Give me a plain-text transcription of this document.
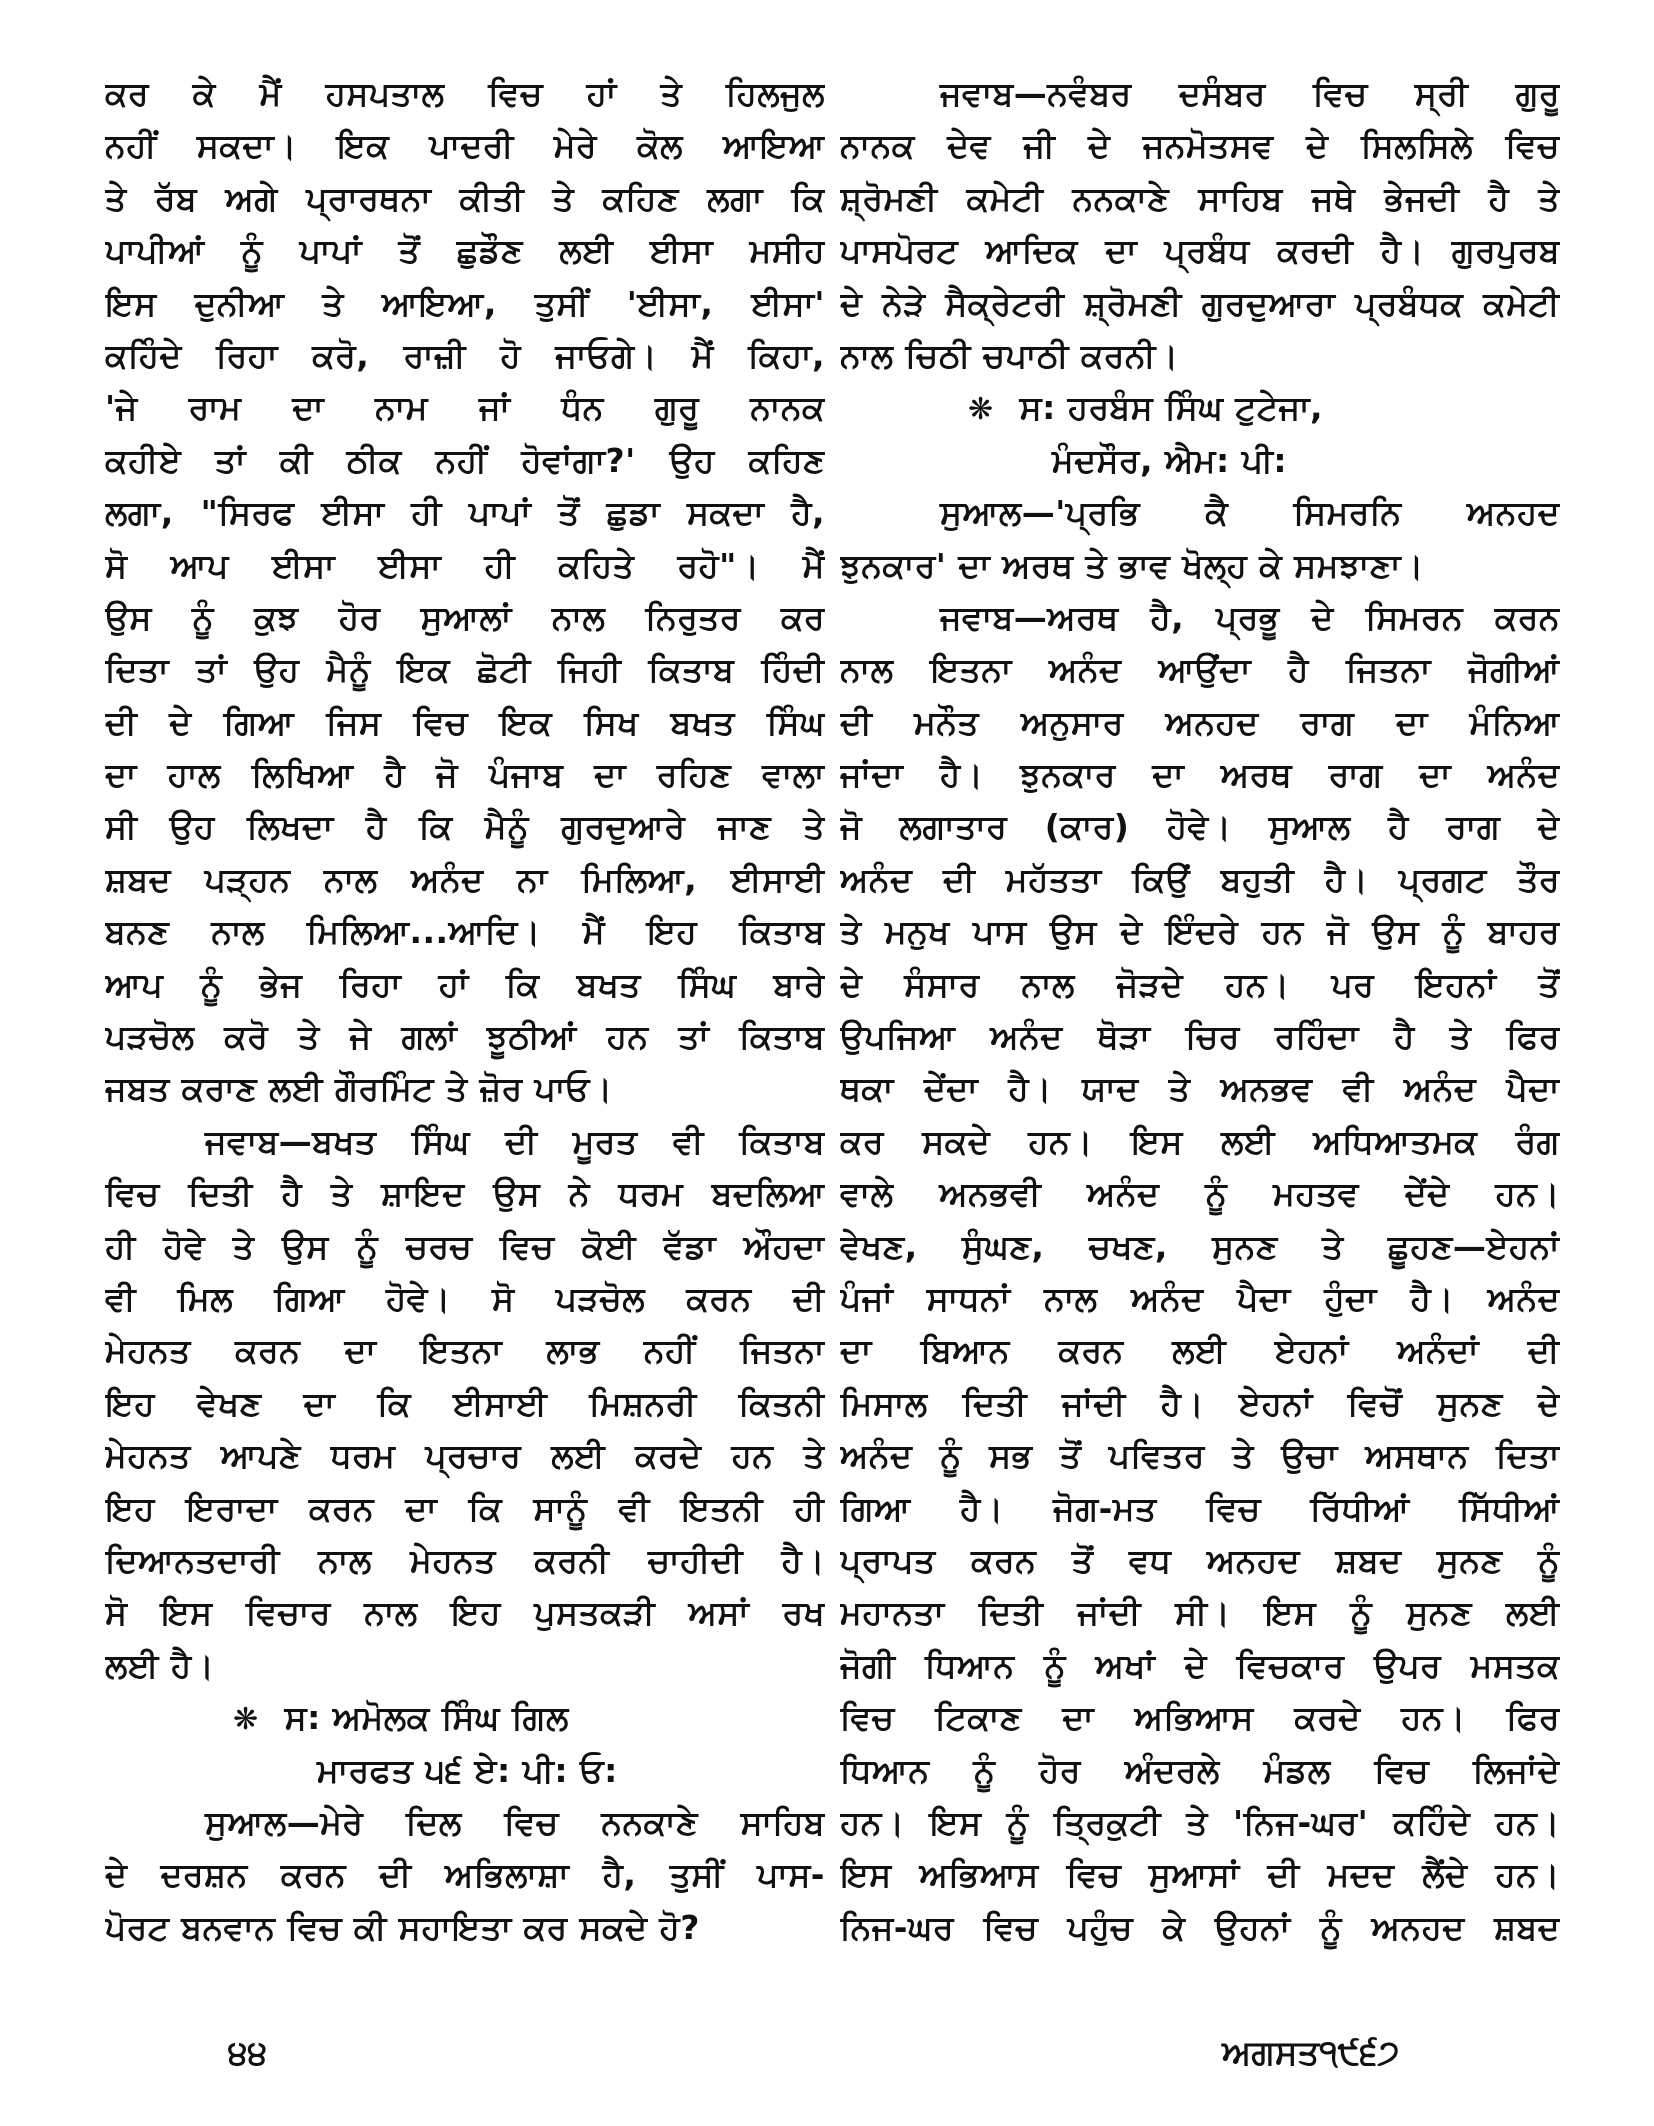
ਕਰ ਕੇ ਮੈਂ ਹਸਪਤਾਲ ਵਿਚ ਹਾਂ ਤੇ ਹਿਲਜੁਲ
ਨਹੀਂ ਸਕਦਾ। ਇਕ ਪਾਦਰੀ ਮੇਰੇ ਕੋਲ ਆਇਆ
ਤੇ ਰੱਬ ਅਗੇ ਪ੍ਰਾਰਥਨਾ ਕੀਤੀ ਤੇ ਕਹਿਣ ਲਗਾ ਕਿ
ਪਾਪੀਆਂ ਨੂੰ ਪਾਪਾਂ ਤੋਂ ਛੁਡੌਣ ਲਈ ਈਸਾ ਮਸੀਹ
ਇਸ ਦੁਨੀਆ ਤੇ ਆਇਆ, ਤੁਸੀਂ 'ਈਸਾ, ਈਸਾ'
ਕਹਿੰਦੇ ਰਿਹਾ ਕਰੋ, ਰਾਜ਼ੀ ਹੋ ਜਾਓਗੇ। ਮੈਂ ਕਿਹਾ,
'ਜੇ ਰਾਮ ਦਾ ਨਾਮ ਜਾਂ ਧੰਨ ਗੁਰੂ ਨਾਨਕ
ਕਹੀਏ ਤਾਂ ਕੀ ਠੀਕ ਨਹੀਂ ਹੋਵਾਂਗਾ?' ਉਹ ਕਹਿਣ
ਲਗਾ, "ਸਿਰਫ ਈਸਾ ਹੀ ਪਾਪਾਂ ਤੋਂ ਛੁਡਾ ਸਕਦਾ ਹੈ,
ਸੋ ਆਪ ਈਸਾ ਈਸਾ ਹੀ ਕਹਿਤੇ ਰਹੋ"। ਮੈਂ
ਉਸ ਨੂੰ ਕੁਝ ਹੋਰ ਸੁਆਲਾਂ ਨਾਲ ਨਿਰੁਤਰ ਕਰ
ਦਿਤਾ ਤਾਂ ਉਹ ਮੈਨੂੰ ਇਕ ਛੋਟੀ ਜਿਹੀ ਕਿਤਾਬ ਹਿੰਦੀ
ਦੀ ਦੇ ਗਿਆ ਜਿਸ ਵਿਚ ਇਕ ਸਿਖ ਬਖਤ ਸਿੰਘ
ਦਾ ਹਾਲ ਲਿਖਿਆ ਹੈ ਜੋ ਪੰਜਾਬ ਦਾ ਰਹਿਣ ਵਾਲਾ
ਸੀ ਉਹ ਲਿਖਦਾ ਹੈ ਕਿ ਮੈਨੂੰ ਗੁਰਦੁਆਰੇ ਜਾਣ ਤੇ
ਸ਼ਬਦ ਪੜ੍ਹਨ ਨਾਲ ਅਨੰਦ ਨਾ ਮਿਲਿਆ, ਈਸਾਈ
ਬਨਣ ਨਾਲ ਮਿਲਿਆ...ਆਦਿ। ਮੈਂ ਇਹ ਕਿਤਾਬ
ਆਪ ਨੂੰ ਭੇਜ ਰਿਹਾ ਹਾਂ ਕਿ ਬਖਤ ਸਿੰਘ ਬਾਰੇ
ਪੜਚੋਲ ਕਰੋ ਤੇ ਜੇ ਗਲਾਂ ਝੂਠੀਆਂ ਹਨ ਤਾਂ ਕਿਤਾਬ
ਜਬਤ ਕਰਾਣ ਲਈ ਗੌਰਮਿੰਟ ਤੇ ਜ਼ੋਰ ਪਾਓ।
ਜਵਾਬ—ਬਖਤ ਸਿੰਘ ਦੀ ਮੂਰਤ ਵੀ ਕਿਤਾਬ
ਵਿਚ ਦਿਤੀ ਹੈ ਤੇ ਸ਼ਾਇਦ ਉਸ ਨੇ ਧਰਮ ਬਦਲਿਆ
ਹੀ ਹੋਵੇ ਤੇ ਉਸ ਨੂੰ ਚਰਚ ਵਿਚ ਕੋਈ ਵੱਡਾ ਔਹਦਾ
ਵੀ ਮਿਲ ਗਿਆ ਹੋਵੇ। ਸੋ ਪੜਚੋਲ ਕਰਨ ਦੀ
ਮੇਹਨਤ ਕਰਨ ਦਾ ਇਤਨਾ ਲਾਭ ਨਹੀਂ ਜਿਤਨਾ
ਇਹ ਵੇਖਣ ਦਾ ਕਿ ਈਸਾਈ ਮਿਸ਼ਨਰੀ ਕਿਤਨੀ
ਮੇਹਨਤ ਆਪਣੇ ਧਰਮ ਪ੍ਰਚਾਰ ਲਈ ਕਰਦੇ ਹਨ ਤੇ
ਇਹ ਇਰਾਦਾ ਕਰਨ ਦਾ ਕਿ ਸਾਨੂੰ ਵੀ ਇਤਨੀ ਹੀ
ਦਿਆਨਤਦਾਰੀ ਨਾਲ ਮੇਹਨਤ ਕਰਨੀ ਚਾਹੀਦੀ ਹੈ।
ਸੋ ਇਸ ਵਿਚਾਰ ਨਾਲ ਇਹ ਪੁਸਤਕੜੀ ਅਸਾਂ ਰਖ
ਲਈ ਹੈ।
❋ ਸ: ਅਮੋਲਕ ਸਿੰਘ ਗਿਲ
ਮਾਰਫਤ ੫੬ ਏ: ਪੀ: ਓ:
ਸੁਆਲ—ਮੇਰੇ ਦਿਲ ਵਿਚ ਨਨਕਾਣੇ ਸਾਹਿਬ
ਦੇ ਦਰਸ਼ਨ ਕਰਨ ਦੀ ਅਭਿਲਾਸ਼ਾ ਹੈ, ਤੁਸੀਂ ਪਾਸ-
ਪੋਰਟ ਬਨਵਾਨ ਵਿਚ ਕੀ ਸਹਾਇਤਾ ਕਰ ਸਕਦੇ ਹੋ?
ਜਵਾਬ—ਨਵੰਬਰ ਦਸੰਬਰ ਵਿਚ ਸ੍ਰੀ ਗੁਰੂ
ਨਾਨਕ ਦੇਵ ਜੀ ਦੇ ਜਨਮੋਤਸਵ ਦੇ ਸਿਲਸਿਲੇ ਵਿਚ
ਸ਼੍ਰੋਮਣੀ ਕਮੇਟੀ ਨਨਕਾਣੇ ਸਾਹਿਬ ਜਥੇ ਭੇਜਦੀ ਹੈ ਤੇ
ਪਾਸਪੋਰਟ ਆਦਿਕ ਦਾ ਪ੍ਰਬੰਧ ਕਰਦੀ ਹੈ। ਗੁਰਪੁਰਬ
ਦੇ ਨੇੜੇ ਸੈਕ੍ਰੇਟਰੀ ਸ਼੍ਰੋਮਣੀ ਗੁਰਦੁਆਰਾ ਪ੍ਰਬੰਧਕ ਕਮੇਟੀ
ਨਾਲ ਚਿਠੀ ਚਪਾਠੀ ਕਰਨੀ।
❋ ਸ: ਹਰਬੰਸ ਸਿੰਘ ਟੁਟੇਜਾ,
ਮੰਦਸੌਰ, ਐਮ: ਪੀ:
ਸੁਆਲ—'ਪ੍ਰਭਿ ਕੈ ਸਿਮਰਨਿ ਅਨਹਦ
ਝੁਨਕਾਰ' ਦਾ ਅਰਥ ਤੇ ਭਾਵ ਖੋਲ੍ਹ ਕੇ ਸਮਝਾਣਾ।
ਜਵਾਬ—ਅਰਥ ਹੈ, ਪ੍ਰਭੂ ਦੇ ਸਿਮਰਨ ਕਰਨ
ਨਾਲ ਇਤਨਾ ਅਨੰਦ ਆਉਂਦਾ ਹੈ ਜਿਤਨਾ ਜੋਗੀਆਂ
ਦੀ ਮਨੌਤ ਅਨੁਸਾਰ ਅਨਹਦ ਰਾਗ ਦਾ ਮੰਨਿਆ
ਜਾਂਦਾ ਹੈ। ਝੁਨਕਾਰ ਦਾ ਅਰਥ ਰਾਗ ਦਾ ਅਨੰਦ
ਜੋ ਲਗਾਤਾਰ (ਕਾਰ) ਹੋਵੇ। ਸੁਆਲ ਹੈ ਰਾਗ ਦੇ
ਅਨੰਦ ਦੀ ਮਹੱਤਤਾ ਕਿਉਂ ਬਹੁਤੀ ਹੈ। ਪ੍ਰਗਟ ਤੌਰ
ਤੇ ਮਨੁਖ ਪਾਸ ਉਸ ਦੇ ਇੰਦਰੇ ਹਨ ਜੋ ਉਸ ਨੂੰ ਬਾਹਰ
ਦੇ ਸੰਸਾਰ ਨਾਲ ਜੋੜਦੇ ਹਨ। ਪਰ ਇਹਨਾਂ ਤੋਂ
ਉਪਜਿਆ ਅਨੰਦ ਥੋੜਾ ਚਿਰ ਰਹਿੰਦਾ ਹੈ ਤੇ ਫਿਰ
ਥਕਾ ਦੇਂਦਾ ਹੈ। ਯਾਦ ਤੇ ਅਨਭਵ ਵੀ ਅਨੰਦ ਪੈਦਾ
ਕਰ ਸਕਦੇ ਹਨ। ਇਸ ਲਈ ਅਧਿਆਤਮਕ ਰੰਗ
ਵਾਲੇ ਅਨਭਵੀ ਅਨੰਦ ਨੂੰ ਮਹਤਵ ਦੇਂਦੇ ਹਨ।
ਵੇਖਣ, ਸੁੰਘਣ, ਚਖਣ, ਸੁਨਣ ਤੇ ਛੂਹਣ—ਏਹਨਾਂ
ਪੰਜਾਂ ਸਾਧਨਾਂ ਨਾਲ ਅਨੰਦ ਪੈਦਾ ਹੁੰਦਾ ਹੈ। ਅਨੰਦ
ਦਾ ਬਿਆਨ ਕਰਨ ਲਈ ਏਹਨਾਂ ਅਨੰਦਾਂ ਦੀ
ਮਿਸਾਲ ਦਿਤੀ ਜਾਂਦੀ ਹੈ। ਏਹਨਾਂ ਵਿਚੋਂ ਸੁਨਣ ਦੇ
ਅਨੰਦ ਨੂੰ ਸਭ ਤੋਂ ਪਵਿਤਰ ਤੇ ਉਚਾ ਅਸਥਾਨ ਦਿਤਾ
ਗਿਆ ਹੈ। ਜੋਗ-ਮਤ ਵਿਚ ਰਿੱਧੀਆਂ ਸਿੱਧੀਆਂ
ਪ੍ਰਾਪਤ ਕਰਨ ਤੋਂ ਵਧ ਅਨਹਦ ਸ਼ਬਦ ਸੁਨਣ ਨੂੰ
ਮਹਾਨਤਾ ਦਿਤੀ ਜਾਂਦੀ ਸੀ। ਇਸ ਨੂੰ ਸੁਨਣ ਲਈ
ਜੋਗੀ ਧਿਆਨ ਨੂੰ ਅਖਾਂ ਦੇ ਵਿਚਕਾਰ ਉਪਰ ਮਸਤਕ
ਵਿਚ ਟਿਕਾਣ ਦਾ ਅਭਿਆਸ ਕਰਦੇ ਹਨ। ਫਿਰ
ਧਿਆਨ ਨੂੰ ਹੋਰ ਅੰਦਰਲੇ ਮੰਡਲ ਵਿਚ ਲਿਜਾਂਦੇ
ਹਨ। ਇਸ ਨੂੰ ਤ੍ਰਿਕੁਟੀ ਤੇ 'ਨਿਜ-ਘਰ' ਕਹਿੰਦੇ ਹਨ।
ਇਸ ਅਭਿਆਸ ਵਿਚ ਸੁਆਸਾਂ ਦੀ ਮਦਦ ਲੈਂਦੇ ਹਨ।
ਨਿਜ-ਘਰ ਵਿਚ ਪਹੁੰਚ ਕੇ ਉਹਨਾਂ ਨੂੰ ਅਨਹਦ ਸ਼ਬਦ
੪੪	ਅਗਸਤ੧੯੬੭
